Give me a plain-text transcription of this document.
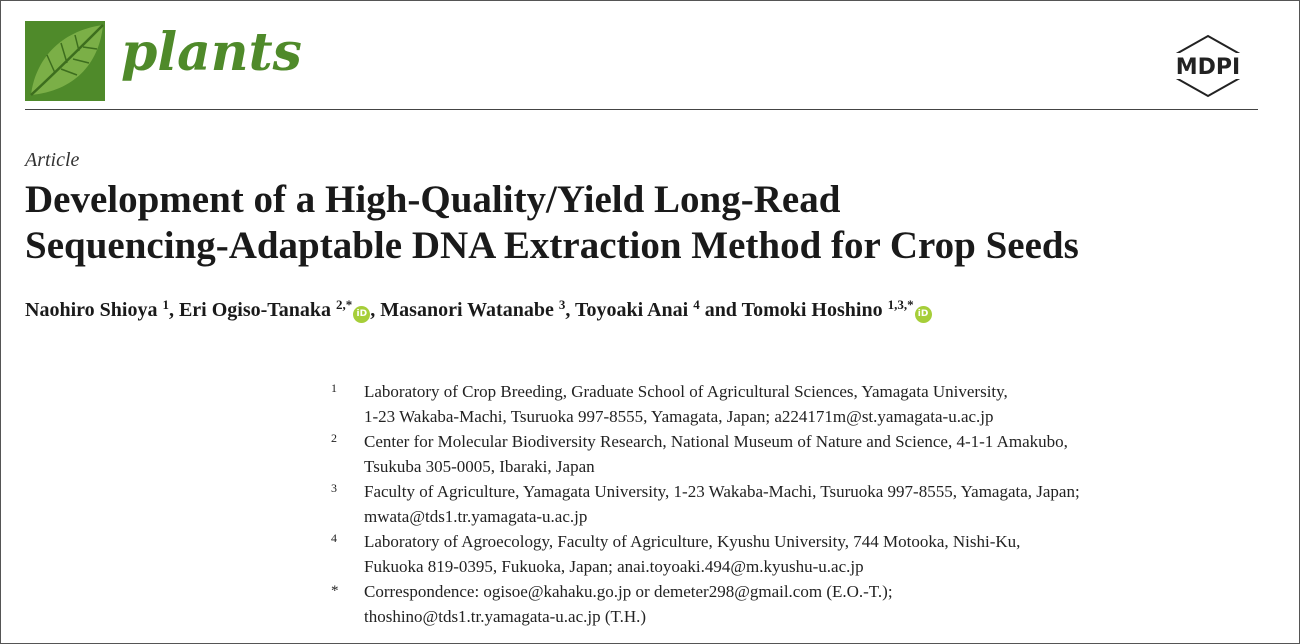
plants	MDPI
Article
Development of a High-Quality/Yield Long-Read
Sequencing-Adaptable DNA Extraction Method for Crop Seeds
Naohiro Shioya $^1$, Eri Ogiso-Tanaka $^{2,*}$iD , Masanori Watanabe $^3$, Toyoaki Anai $^4$ and Tomoki Hoshino $^{1,3,*}$iD
1	Laboratory of Crop Breeding, Graduate School of Agricultural Sciences, Yamagata University,
1-23 Wakaba-Machi, Tsuruoka 997-8555, Yamagata, Japan; a224171m@st.yamagata-u.ac.jp
2	Center for Molecular Biodiversity Research, National Museum of Nature and Science, 4-1-1 Amakubo,
Tsukuba 305-0005, Ibaraki, Japan
3	Faculty of Agriculture, Yamagata University, 1-23 Wakaba-Machi, Tsuruoka 997-8555, Yamagata, Japan;
mwata@tds1.tr.yamagata-u.ac.jp
4	Laboratory of Agroecology, Faculty of Agriculture, Kyushu University, 744 Motooka, Nishi-Ku,
Fukuoka 819-0395, Fukuoka, Japan; anai.toyoaki.494@m.kyushu-u.ac.jp
*	Correspondence: ogisoe@kahaku.go.jp or demeter298@gmail.com (E.O.-T.);
thoshino@tds1.tr.yamagata-u.ac.jp (T.H.)
